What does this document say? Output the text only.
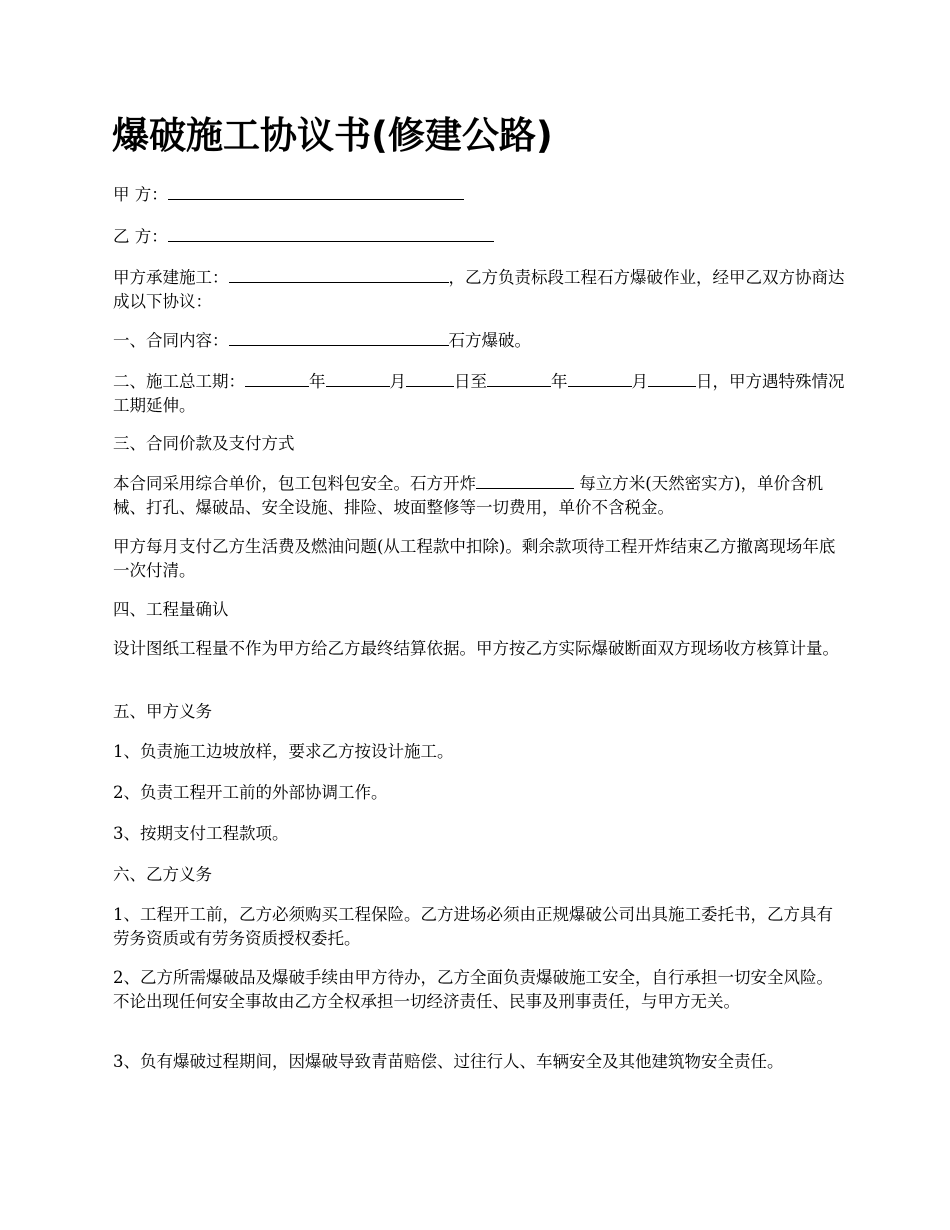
爆破施工协议书(修建公路)

甲 方：

乙 方：

甲方承建施工：	，乙方负责标段工程石方爆破作业，经甲乙双方协商达成以下协议：

一、合同内容：	石方爆破。

二、施工总工期：	年	月	日至	年	月	日，甲方遇特殊情况工期延伸。

三、合同价款及支付方式

本合同采用综合单价，包工包料包安全。石方开炸	每立方米(天然密实方)，单价含机械、打孔、爆破品、安全设施、排险、坡面整修等一切费用，单价不含税金。

甲方每月支付乙方生活费及燃油问题(从工程款中扣除)。剩余款项待工程开炸结束乙方撤离现场年底一次付清。

四、工程量确认

设计图纸工程量不作为甲方给乙方最终结算依据。甲方按乙方实际爆破断面双方现场收方核算计量。

五、甲方义务

1、负责施工边坡放样，要求乙方按设计施工。

2、负责工程开工前的外部协调工作。

3、按期支付工程款项。

六、乙方义务

1、工程开工前，乙方必须购买工程保险。乙方进场必须由正规爆破公司出具施工委托书，乙方具有劳务资质或有劳务资质授权委托。

2、乙方所需爆破品及爆破手续由甲方待办，乙方全面负责爆破施工安全，自行承担一切安全风险。不论出现任何安全事故由乙方全权承担一切经济责任、民事及刑事责任，与甲方无关。

3、负有爆破过程期间，因爆破导致青苗赔偿、过往行人、车辆安全及其他建筑物安全责任。
